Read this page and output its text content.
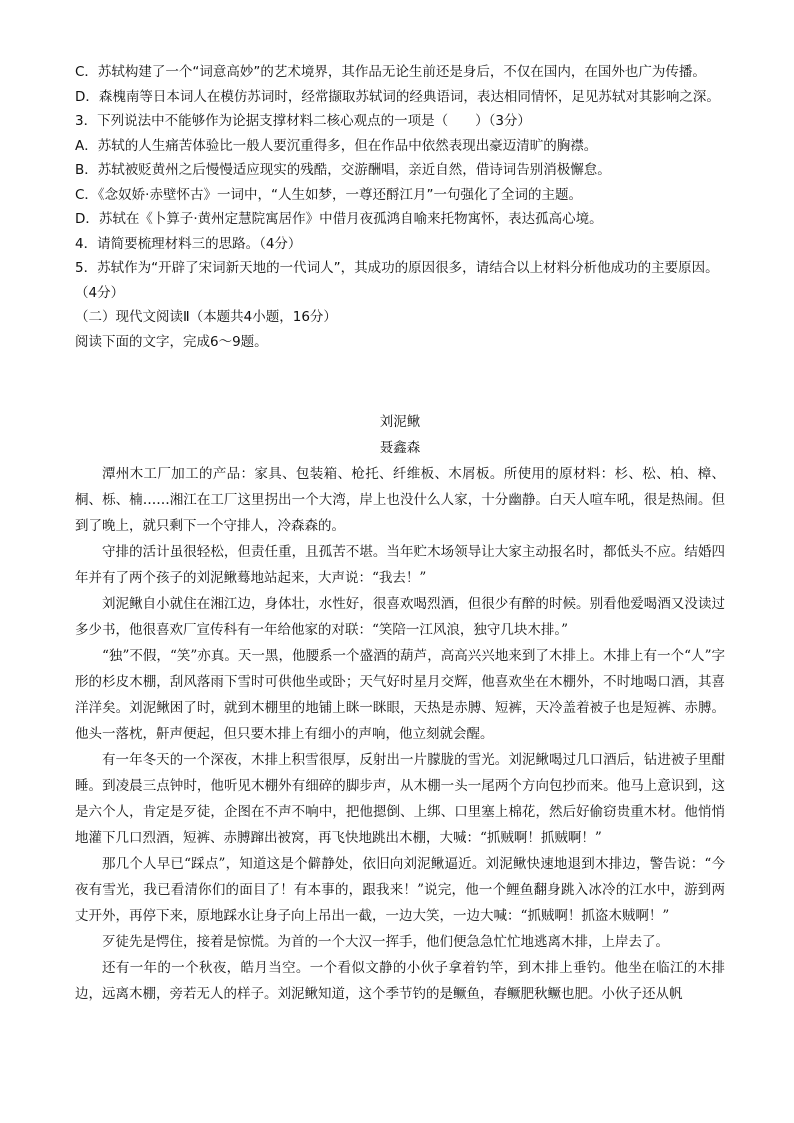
C．苏轼构建了一个“词意高妙”的艺术境界，其作品无论生前还是身后，不仅在国内，在国外也广为传播。

D．森槐南等日本词人在模仿苏词时，经常撷取苏轼词的经典语词，表达相同情怀，足见苏轼对其影响之深。

3．下列说法中不能够作为论据支撑材料二核心观点的一项是（　　）（3分）

A．苏轼的人生痛苦体验比一般人要沉重得多，但在作品中依然表现出豪迈清旷的胸襟。

B．苏轼被贬黄州之后慢慢适应现实的残酷，交游酬唱，亲近自然，借诗词告别消极懈怠。

C．《念奴娇·赤壁怀古》一词中，“人生如梦，一尊还酹江月”一句强化了全词的主题。

D．苏轼在《卜算子·黄州定慧院寓居作》中借月夜孤鸿自喻来托物寓怀，表达孤高心境。

4．请简要梳理材料三的思路。（4分）

5．苏轼作为“开辟了宋词新天地的一代词人”，其成功的原因很多，请结合以上材料分析他成功的主要原因。（4分）

（二）现代文阅读Ⅱ（本题共4小题，16分）

阅读下面的文字，完成6～9题。

刘泥鳅

聂鑫森

潭州木工厂加工的产品：家具、包装箱、枪托、纤维板、木屑板。所使用的原材料：杉、松、柏、樟、桐、栎、楠……湘江在工厂这里拐出一个大湾，岸上也没什么人家，十分幽静。白天人喧车吼，很是热闹。但到了晚上，就只剩下一个守排人，冷森森的。

守排的活计虽很轻松，但责任重，且孤苦不堪。当年贮木场领导让大家主动报名时，都低头不应。结婚四年并有了两个孩子的刘泥鳅蓦地站起来，大声说：“我去！”

刘泥鳅自小就住在湘江边，身体壮，水性好，很喜欢喝烈酒，但很少有醉的时候。别看他爱喝酒又没读过多少书，他很喜欢厂宣传科有一年给他家的对联：“笑陪一江风浪，独守几块木排。”

“独”不假，“笑”亦真。天一黑，他腰系一个盛酒的葫芦，高高兴兴地来到了木排上。木排上有一个“人”字形的杉皮木棚，刮风落雨下雪时可供他坐或卧；天气好时星月交辉，他喜欢坐在木棚外，不时地喝口酒，其喜洋洋矣。刘泥鳅困了时，就到木棚里的地铺上眯一眯眼，天热是赤膊、短裤，天冷盖着被子也是短裤、赤膊。他头一落枕，鼾声便起，但只要木排上有细小的声响，他立刻就会醒。

有一年冬天的一个深夜，木排上积雪很厚，反射出一片朦胧的雪光。刘泥鳅喝过几口酒后，钻进被子里酣睡。到凌晨三点钟时，他听见木棚外有细碎的脚步声，从木棚一头一尾两个方向包抄而来。他马上意识到，这是六个人，肯定是歹徒，企图在不声不响中，把他摁倒、上绑、口里塞上棉花，然后好偷窃贵重木材。他悄悄地灌下几口烈酒，短裤、赤膊蹿出被窝，再飞快地跳出木棚，大喊：“抓贼啊！抓贼啊！”

那几个人早已“踩点”，知道这是个僻静处，依旧向刘泥鳅逼近。刘泥鳅快速地退到木排边，警告说：“今夜有雪光，我已看清你们的面目了！有本事的，跟我来！”说完，他一个鲤鱼翻身跳入冰冷的江水中，游到两丈开外，再停下来，原地踩水让身子向上吊出一截，一边大笑，一边大喊：“抓贼啊！抓盗木贼啊！”

歹徒先是愕住，接着是惊慌。为首的一个大汉一挥手，他们便急急忙忙地逃离木排，上岸去了。

还有一年的一个秋夜，皓月当空。一个看似文静的小伙子拿着钓竿，到木排上垂钓。他坐在临江的木排边，远离木棚，旁若无人的样子。刘泥鳅知道，这个季节钓的是鳜鱼，春鳜肥秋鳜也肥。小伙子还从帆
